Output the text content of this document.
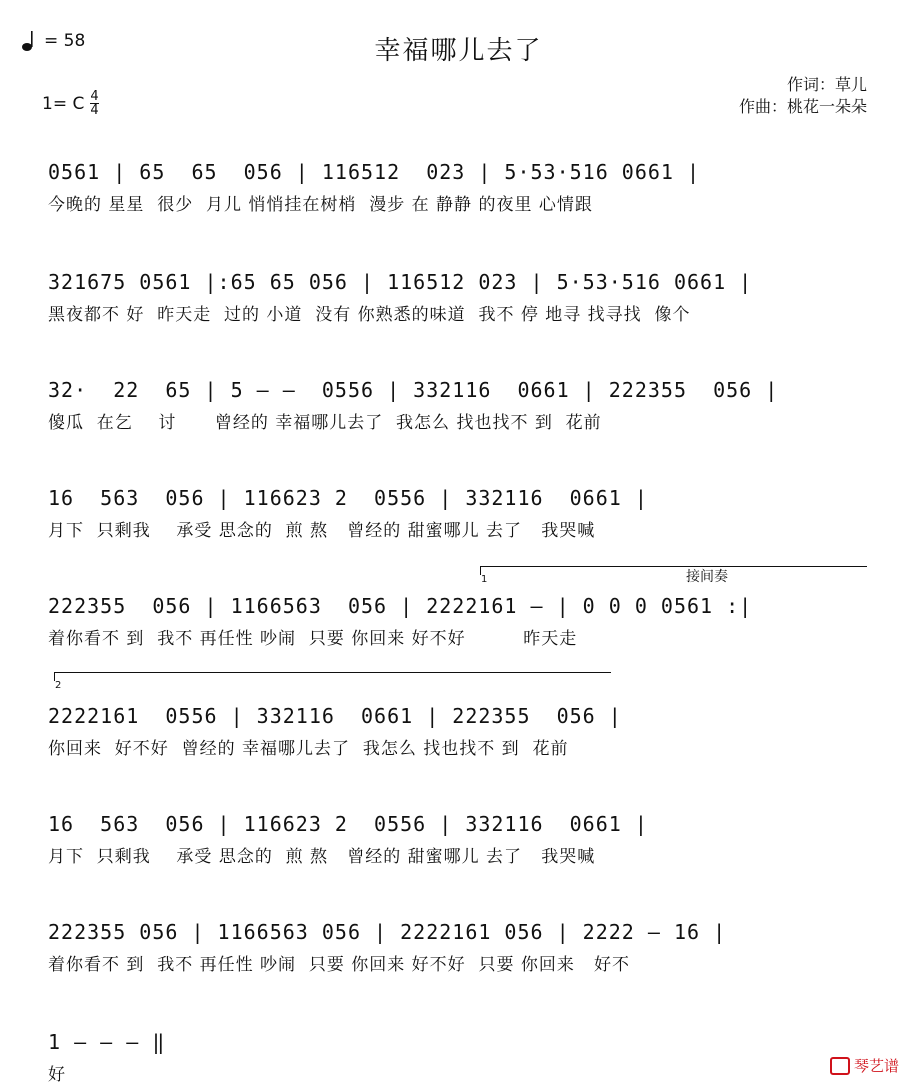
= 58	幸福哪儿去了
1= C $\frac{4}{4}$
作词：草儿
作曲：桃花一朵朵
0561 | 65  65  056 | 116512  023 | 5·53·516 0661 |
今晚的 星星  很少  月儿 悄悄挂在树梢  漫步 在 静静 的夜里 心情跟
321675 0561 |:65 65 056 | 116512 023 | 5·53·516 0661 |
黑夜都不 好  昨天走  过的 小道  没有 你熟悉的味道  我不 停 地寻 找寻找  像个
32·  22  65 | 5 — —  0556 | 332116  0661 | 222355  056 |
傻瓜  在乞    讨      曾经的 幸福哪儿去了  我怎么 找也找不 到  花前
16  563  056 | 116623 2  0556 | 332116  0661 |
月下  只剩我    承受 思念的  煎 熬   曾经的 甜蜜哪儿 去了   我哭喊
1	接间奏
222355  056 | 1166563  056 | 2222161 — | 0 0 0 0561 :|
着你看不 到  我不 再任性 吵闹  只要 你回来 好不好         昨天走
2
2222161  0556 | 332116  0661 | 222355  056 |
你回来  好不好  曾经的 幸福哪儿去了  我怎么 找也找不 到  花前
16  563  056 | 116623 2  0556 | 332116  0661 |
月下  只剩我    承受 思念的  煎 熬   曾经的 甜蜜哪儿 去了   我哭喊
222355 056 | 1166563 056 | 2222161 056 | 2222 — 16 |
着你看不 到  我不 再任性 吵闹  只要 你回来 好不好  只要 你回来   好不
1 — — — ‖
好	琴艺谱
